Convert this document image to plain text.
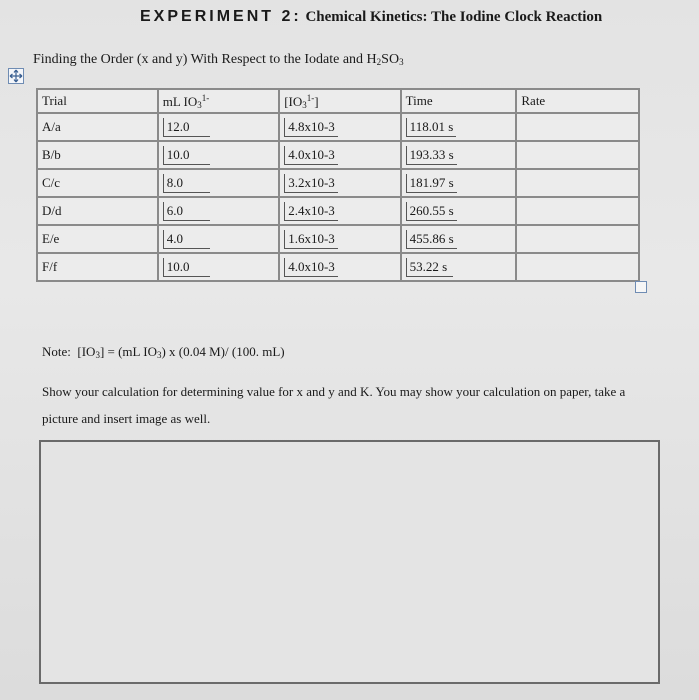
EXPERIMENT 2: Chemical Kinetics: The Iodine Clock Reaction
Finding the Order (x and y) With Respect to the Iodate and $H_2SO_3$
Trial	mL $IO_3^{1-}$	$[IO_3^{1-}]$	Time	Rate
A/a	12.0	4.8x10-3	118.01 s	
B/b	10.0	4.0x10-3	193.33 s	
C/c	8.0	3.2x10-3	181.97 s	
D/d	6.0	2.4x10-3	260.55 s	
E/e	4.0	1.6x10-3	455.86 s	
F/f	10.0	4.0x10-3	53.22 s	
Note: $[IO_3] = (mL$ $IO_3$) x (0.04 M)/ (100. mL)
Show your calculation for determining value for x and y and K. You may show your calculation on paper, take a picture and insert image as well.
